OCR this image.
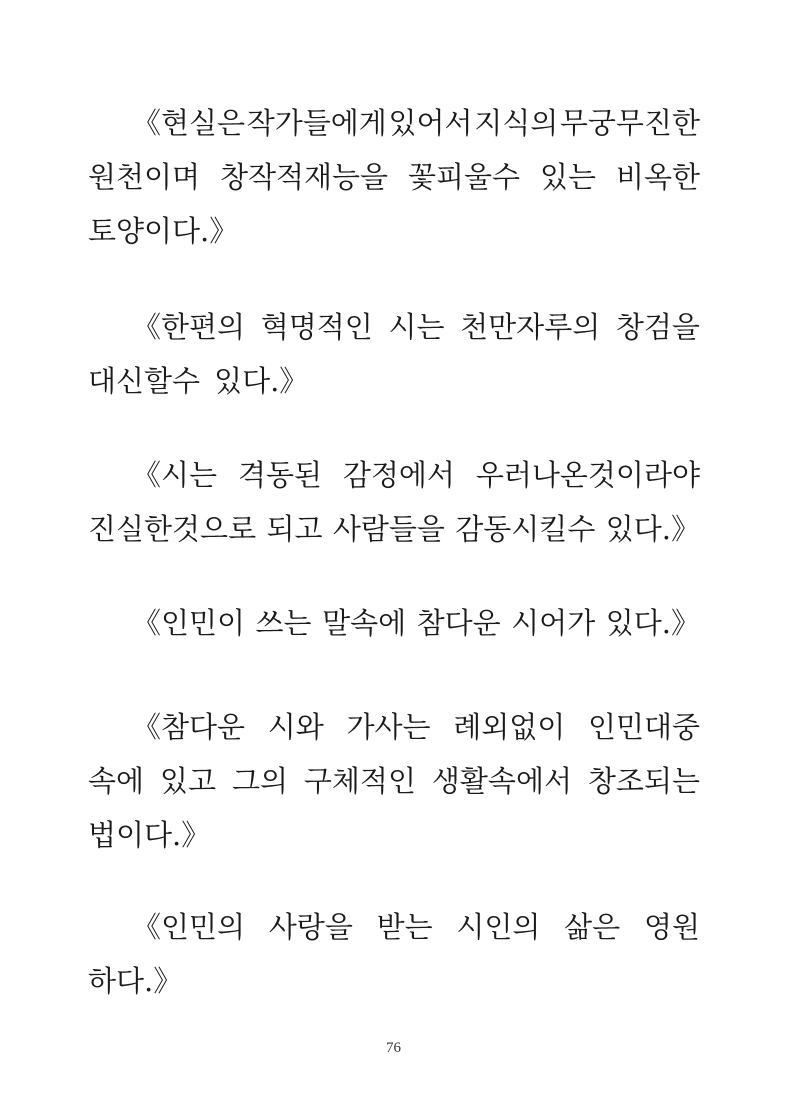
《현실은 작가들에게 있어서 지식의 무궁무진한
원천이며 창작적재능을 꽃피울수 있는 비옥한
토양이다.》
《한편의 혁명적인 시는 천만자루의 창검을
대신할수 있다.》
《시는 격동된 감정에서 우러나온것이라야
진실한것으로 되고 사람들을 감동시킬수 있다.》
《인민이 쓰는 말속에 참다운 시어가 있다.》
《참다운 시와 가사는 례외없이 인민대중
속에 있고 그의 구체적인 생활속에서 창조되는
법이다.》
《인민의 사랑을 받는 시인의 삶은 영원
하다.》
76
